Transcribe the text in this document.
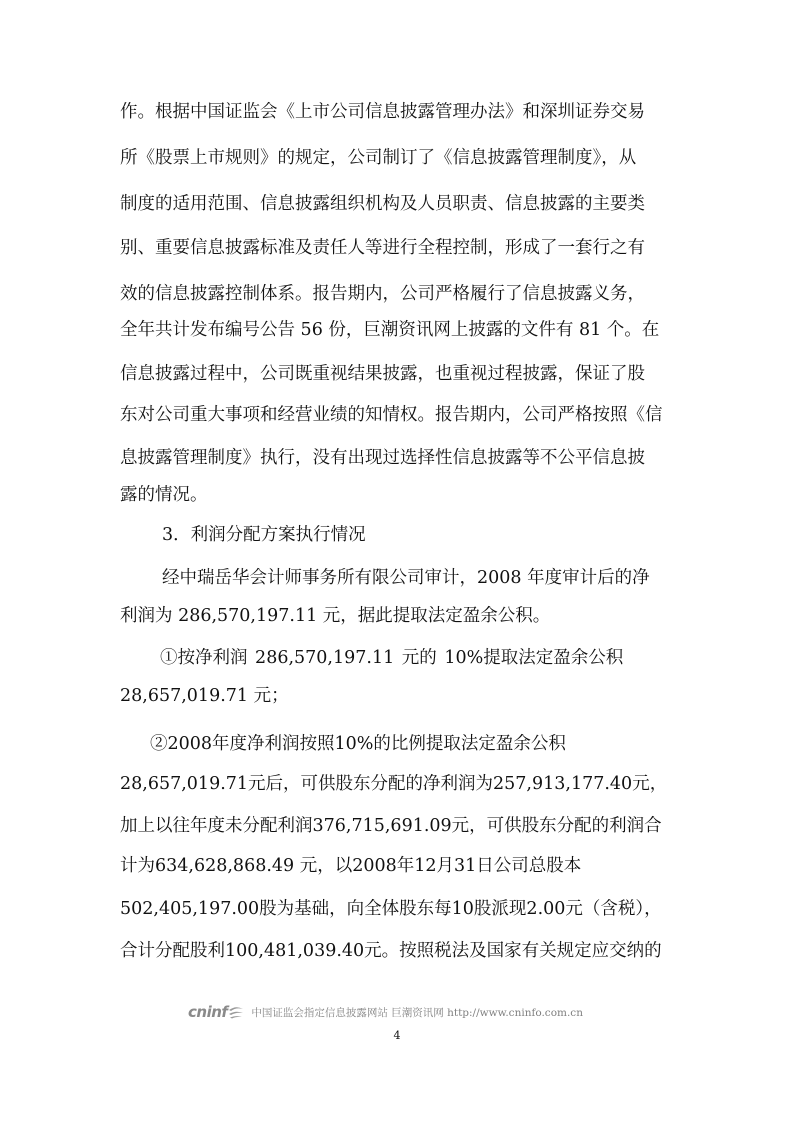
作。根据中国证监会《上市公司信息披露管理办法》和深圳证券交易
所《股票上市规则》的规定，公司制订了《信息披露管理制度》，从
制度的适用范围、信息披露组织机构及人员职责、信息披露的主要类
别、重要信息披露标准及责任人等进行全程控制，形成了一套行之有
效的信息披露控制体系。报告期内，公司严格履行了信息披露义务，
全年共计发布编号公告 56 份，巨潮资讯网上披露的文件有 81 个。在
信息披露过程中，公司既重视结果披露，也重视过程披露，保证了股
东对公司重大事项和经营业绩的知情权。报告期内，公司严格按照《信
息披露管理制度》执行，没有出现过选择性信息披露等不公平信息披
露的情况。
3．利润分配方案执行情况
经中瑞岳华会计师事务所有限公司审计，2008 年度审计后的净
利润为 286,570,197.11 元，据此提取法定盈余公积。
①按净利润 286,570,197.11 元的 10%提取法定盈余公积
28,657,019.71 元；
②2008年度净利润按照10%的比例提取法定盈余公积
28,657,019.71元后，可供股东分配的净利润为257,913,177.40元，
加上以往年度未分配利润376,715,691.09元，可供股东分配的利润合
计为634,628,868.49 元，以2008年12月31日公司总股本
502,405,197.00股为基础，向全体股东每10股派现2.00元（含税），
合计分配股利100,481,039.40元。按照税法及国家有关规定应交纳的
cninf 中国证监会指定信息披露网站 巨潮资讯网 http://www.cninfo.com.cn
4
